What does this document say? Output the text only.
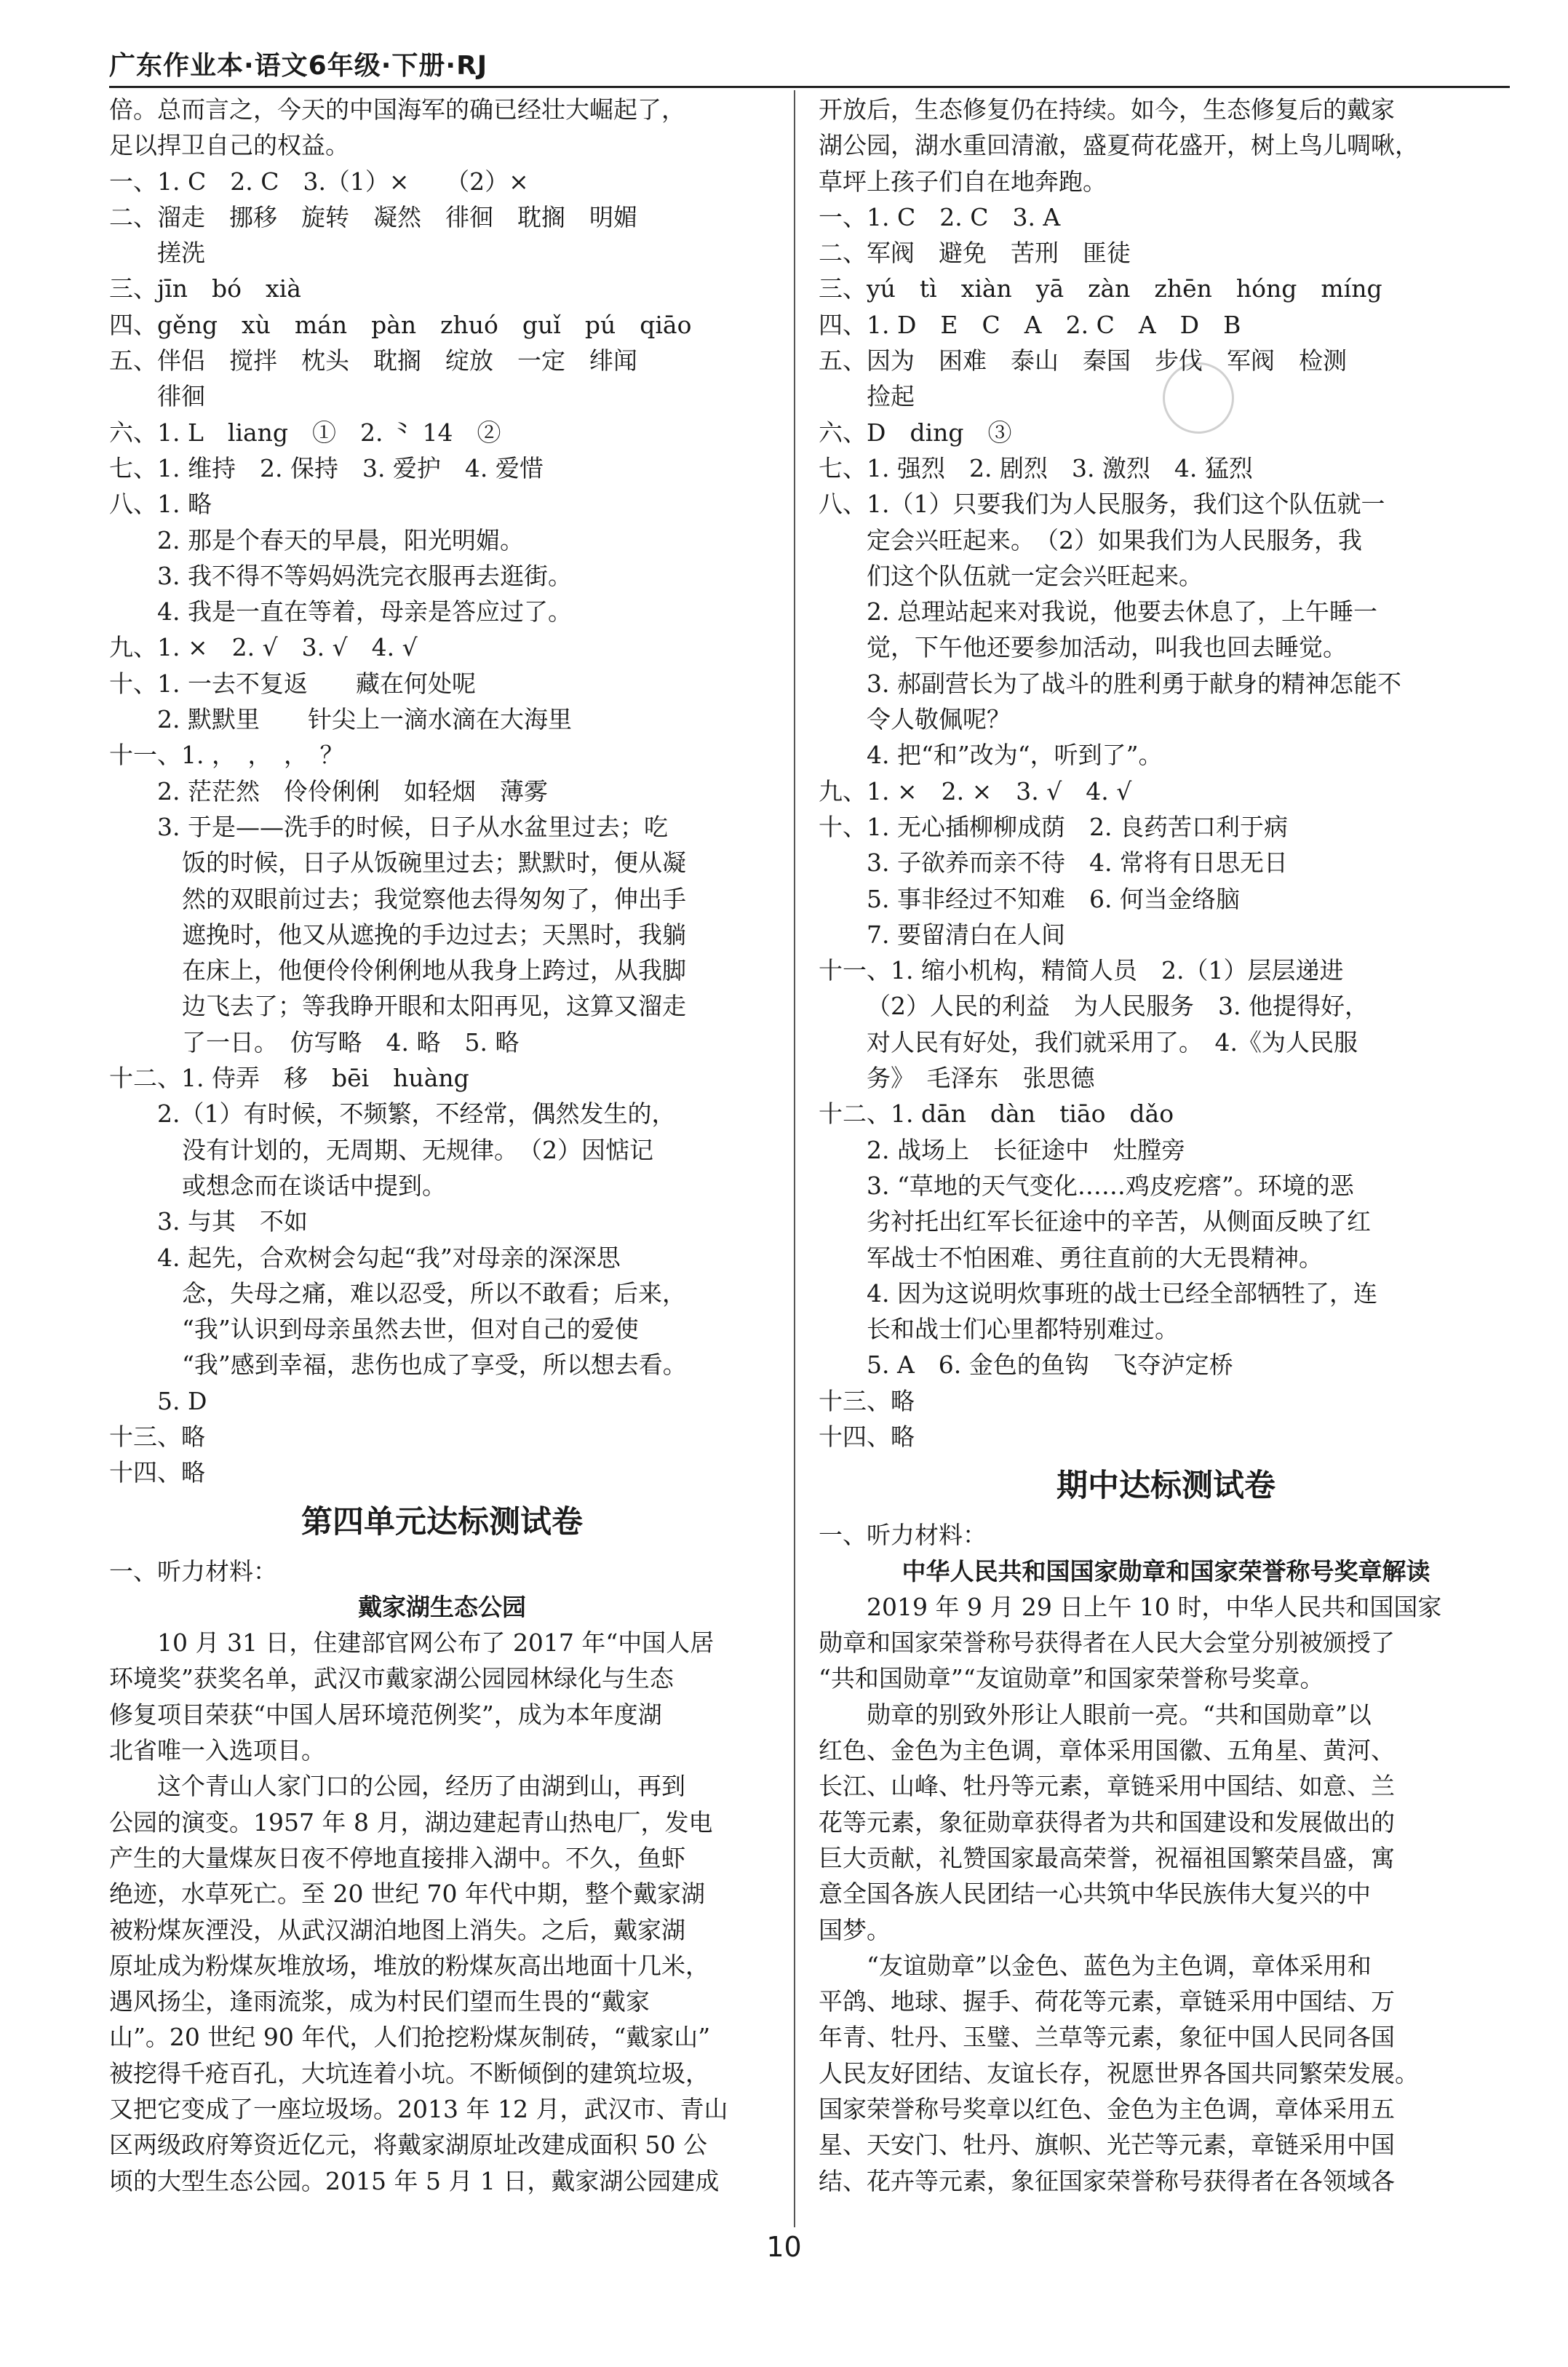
广东作业本·语文6年级·下册·RJ
倍。总而言之，今天的中国海军的确已经壮大崛起了，
足以捍卫自己的权益。
一、1. C　2. C　3.（1）×　　（2）×
二、溜走　挪移　旋转　凝然　徘徊　耽搁　明媚
搓洗
三、jīn　bó　xià
四、gěng　xù　mán　pàn　zhuó　guǐ　pú　qiāo
五、伴侣　搅拌　枕头　耽搁　绽放　一定　绯闻
徘徊
六、1. L　liang　①　2. ⺀ 14　②
七、1. 维持　2. 保持　3. 爱护　4. 爱惜
八、1. 略
2. 那是个春天的早晨，阳光明媚。
3. 我不得不等妈妈洗完衣服再去逛街。
4. 我是一直在等着，母亲是答应过了。
九、1. ×　2. √　3. √　4. √
十、1. 一去不复返　　藏在何处呢
2. 默默里　　针尖上一滴水滴在大海里
十一、1. ，　，　，　？
2. 茫茫然　伶伶俐俐　如轻烟　薄雾
3. 于是——洗手的时候，日子从水盆里过去；吃
饭的时候，日子从饭碗里过去；默默时，便从凝
然的双眼前过去；我觉察他去得匆匆了，伸出手
遮挽时，他又从遮挽的手边过去；天黑时，我躺
在床上，他便伶伶俐俐地从我身上跨过，从我脚
边飞去了；等我睁开眼和太阳再见，这算又溜走
了一日。　仿写略　4. 略　5. 略
十二、1. 侍弄　移　bēi　huàng
2.（1）有时候，不频繁，不经常，偶然发生的，
没有计划的，无周期、无规律。　（2）因惦记
或想念而在谈话中提到。
3. 与其　不如
4. 起先，合欢树会勾起“我”对母亲的深深思
念，失母之痛，难以忍受，所以不敢看；后来，
“我”认识到母亲虽然去世，但对自己的爱使
“我”感到幸福，悲伤也成了享受，所以想去看。
5. D
十三、略
十四、略
第四单元达标测试卷
一、听力材料：
戴家湖生态公园
10 月 31 日，住建部官网公布了 2017 年“中国人居
环境奖”获奖名单，武汉市戴家湖公园园林绿化与生态
修复项目荣获“中国人居环境范例奖”，成为本年度湖
北省唯一入选项目。
这个青山人家门口的公园，经历了由湖到山，再到
公园的演变。1957 年 8 月，湖边建起青山热电厂，发电
产生的大量煤灰日夜不停地直接排入湖中。不久，鱼虾
绝迹，水草死亡。至 20 世纪 70 年代中期，整个戴家湖
被粉煤灰湮没，从武汉湖泊地图上消失。之后，戴家湖
原址成为粉煤灰堆放场，堆放的粉煤灰高出地面十几米，
遇风扬尘，逢雨流浆，成为村民们望而生畏的“戴家
山”。20 世纪 90 年代，人们抢挖粉煤灰制砖，“戴家山”
被挖得千疮百孔，大坑连着小坑。不断倾倒的建筑垃圾，
又把它变成了一座垃圾场。2013 年 12 月，武汉市、青山
区两级政府筹资近亿元，将戴家湖原址改建成面积 50 公
顷的大型生态公园。2015 年 5 月 1 日，戴家湖公园建成
开放后，生态修复仍在持续。如今，生态修复后的戴家
湖公园，湖水重回清澈，盛夏荷花盛开，树上鸟儿啁啾，
草坪上孩子们自在地奔跑。
一、1. C　2. C　3. A
二、军阀　避免　苦刑　匪徒
三、yú　tì　xiàn　yā　zàn　zhēn　hóng　míng
四、1. D　E　C　A　2. C　A　D　B
五、因为　困难　泰山　秦国　步伐　军阀　检测
捡起
六、D　ding　③
七、1. 强烈　2. 剧烈　3. 激烈　4. 猛烈
八、1.（1）只要我们为人民服务，我们这个队伍就一
定会兴旺起来。　（2）如果我们为人民服务，我
们这个队伍就一定会兴旺起来。
2. 总理站起来对我说，他要去休息了，上午睡一
觉，下午他还要参加活动，叫我也回去睡觉。
3. 郝副营长为了战斗的胜利勇于献身的精神怎能不
令人敬佩呢？
4. 把“和”改为“，听到了”。
九、1. ×　2. ×　3. √　4. √
十、1. 无心插柳柳成荫　2. 良药苦口利于病
3. 子欲养而亲不待　4. 常将有日思无日
5. 事非经过不知难　6. 何当金络脑
7. 要留清白在人间
十一、1. 缩小机构，精简人员　2.（1）层层递进
（2）人民的利益　为人民服务　3. 他提得好，
对人民有好处，我们就采用了。　4.《为人民服
务》　毛泽东　张思德
十二、1. dān　dàn　tiāo　dǎo
2. 战场上　长征途中　灶膛旁
3. “草地的天气变化……鸡皮疙瘩”。环境的恶
劣衬托出红军长征途中的辛苦，从侧面反映了红
军战士不怕困难、勇往直前的大无畏精神。
4. 因为这说明炊事班的战士已经全部牺牲了，连
长和战士们心里都特别难过。
5. A　6. 金色的鱼钩　飞夺泸定桥
十三、略
十四、略
期中达标测试卷
一、听力材料：
中华人民共和国国家勋章和国家荣誉称号奖章解读
2019 年 9 月 29 日上午 10 时，中华人民共和国国家
勋章和国家荣誉称号获得者在人民大会堂分别被颁授了
“共和国勋章”“友谊勋章”和国家荣誉称号奖章。
勋章的别致外形让人眼前一亮。“共和国勋章”以
红色、金色为主色调，章体采用国徽、五角星、黄河、
长江、山峰、牡丹等元素，章链采用中国结、如意、兰
花等元素，象征勋章获得者为共和国建设和发展做出的
巨大贡献，礼赞国家最高荣誉，祝福祖国繁荣昌盛，寓
意全国各族人民团结一心共筑中华民族伟大复兴的中
国梦。
“友谊勋章”以金色、蓝色为主色调，章体采用和
平鸽、地球、握手、荷花等元素，章链采用中国结、万
年青、牡丹、玉璧、兰草等元素，象征中国人民同各国
人民友好团结、友谊长存，祝愿世界各国共同繁荣发展。
国家荣誉称号奖章以红色、金色为主色调，章体采用五
星、天安门、牡丹、旗帜、光芒等元素，章链采用中国
结、花卉等元素，象征国家荣誉称号获得者在各领域各
10
